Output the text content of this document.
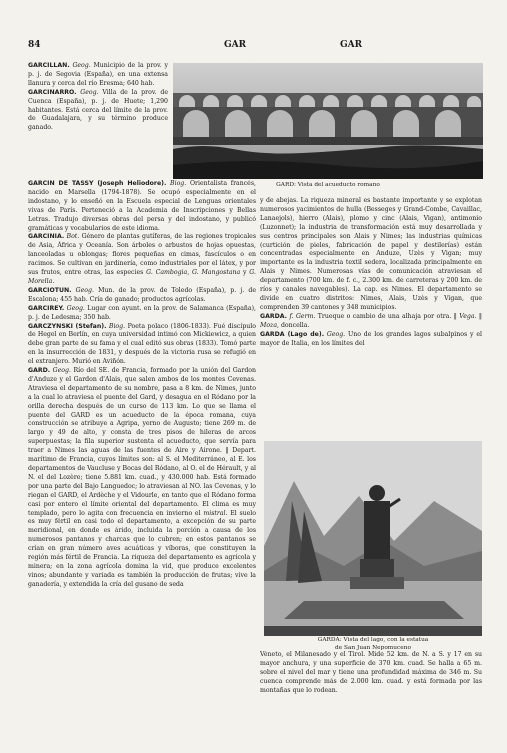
84	GAR	GAR

GARCILLÁN. Geog. Municipio de la prov. y p. j. de Segovia (España), en una extensa llanura y cerca del río Eresma; 640 hab.

GARCINARRO. Geog. Villa de la prov. de Cuenca (España), p. j. de Huete; 1,290 habitantes. Está cerca del límite de la prov. de Guadalajara, y su término produce ganado.

GARCÍN DE TASSY (Joseph Heliodore). Biog. Orientalista francés, nacido en Marsella (1794-1878). Se ocupó especialmente en el indostano, y lo enseñó en la Escuela especial de Lenguas orientales vivas de París. Perteneció a la Academia de Inscripciones y Bellas Letras. Tradujo diversas obras del persa y del indostano, y publicó gramáticas y vocabularios de este idioma.

GARCINIA. Bot. Género de plantas gutíferas, de las regiones tropicales de Asia, África y Oceanía. Son árboles o arbustos de hojas opuestas, lanceoladas u oblongas; flores pequeñas en cimas, fascículos o en racimos. Se cultivan en jardinería, como industriales por el látex, y por sus frutos, entre otras, las especies G. Cambogia, G. Mangostana y G. Morella.

GARCIOTUN. Geog. Mun. de la prov. de Toledo (España), p. j. de Escalona; 455 hab. Cría de ganado; productos agrícolas.

GARCIREY. Geog. Lugar con ayunt. en la prov. de Salamanca (España), p. j. de Ledesma; 350 hab.

GARCZYNSKI (Stefan). Biog. Poeta polaco (1806-1833). Fué discípulo de Hegel en Berlín, en cuya universidad intimó con Mickiewicz, a quien debe gran parte de su fama y el cual editó sus obras (1833). Tomó parte en la insurrección de 1831, y después de la victoria rusa se refugió en el extranjero. Murió en Aviñón.

GARD. Geog. Río del SE. de Francia, formado por la unión del Gardon d'Anduze y el Gardon d'Alais, que salen ambos de los montes Cevenas. Atraviesa el departamento de su nombre, pasa a 8 km. de Nimes, junto a la cual lo atraviesa el puente del Gard, y desagua en el Ródano por la orilla derecha después de un curso de 113 km. Lo que se llama el puente del GARD es un acueducto de la época romana, cuya construcción se atribuye a Agripa, yerno de Augusto; tiene 269 m. de largo y 49 de alto, y consta de tres pisos de hileras de arcos superpuestas; la fila superior sustenta el acueducto, que servía para traer a Nimes las aguas de las fuentes de Aire y Airone. ‖ Depart. marítimo de Francia, cuyos límites son: al S. el Mediterráneo, al E. los departamentos de Vaucluse y Bocas del Ródano, al O. el de Hérault, y al N. el del Lozère; tiene 5.881 km. cuad., y 430.000 hab. Está formado por una parte del Bajo Languedoc; lo atraviesan al NO. las Cevenas, y lo riegan el GARD, el Ardèche y el Vidourle, en tanto que el Ródano forma casi por entero el límite oriental del departamento. El clima es muy templado, pero lo agita con frecuencia en invierno el mistral. El suelo es muy fértil en casi todo el departamento, a excepción de su parte meridional, en donde es árido, incluida la porción a causa de los numerosos pantanos y charcas que lo cubren; en estos pantanos se crían en gran número aves acuáticas y víboras, que constituyen la región más fértil de Francia. La riqueza del departamento es agrícola y minera; en la zona agrícola domina la vid, que produce excelentes vinos; abundante y variada es también la producción de frutas; vive la ganadería, y extendida la cría del gusano de seda

GARD: Vista del acueducto romano

y de abejas. La riqueza mineral es bastante importante y se explotan numerosos yacimientos de hulla (Besseges y Grand-Combe, Cavaillac, Lanaejols), hierro (Alais), plomo y cinc (Alais, Vigan), antimonio (Luzonnet); la industria de transformación está muy desarrollada y sus centros principales son Alais y Nimes; las industrias químicas (curtición de pieles, fabricación de papel y destilerías) están concentradas especialmente en Anduze, Uzès y Vigan; muy importante es la industria textil sedera, localizada principalmente en Alais y Nimes. Numerosas vías de comunicación atraviesan el departamento (700 km. de f. c., 2.300 km. de carreteras y 200 km. de ríos y canales navegables). La cap. es Nimes. El departamento se divide en cuatro distritos: Nimes, Alais, Uzès y Vigan, que comprenden 39 cantones y 348 municipios.

GARDA. f. Germ. Trueque o cambio de una alhaja por otra. ‖ Vega. ‖ Moza, doncella.

GARDA (Lago de). Geog. Uno de los grandes lagos subalpinos y el mayor de Italia, en los límites del

GARDA: Vista del lago, con la estatua
de San Juan Nepomuceno

Véneto, el Milanesado y el Tirol. Mide 52 km. de N. a S. y 17 en su mayor anchura, y una superficie de 370 km. cuad. Se halla a 65 m. sobre el nivel del mar y tiene una profundidad máxima de 346 m. Su cuenca comprende más de 2.000 km. cuad. y está formada por las montañas que lo rodean.
